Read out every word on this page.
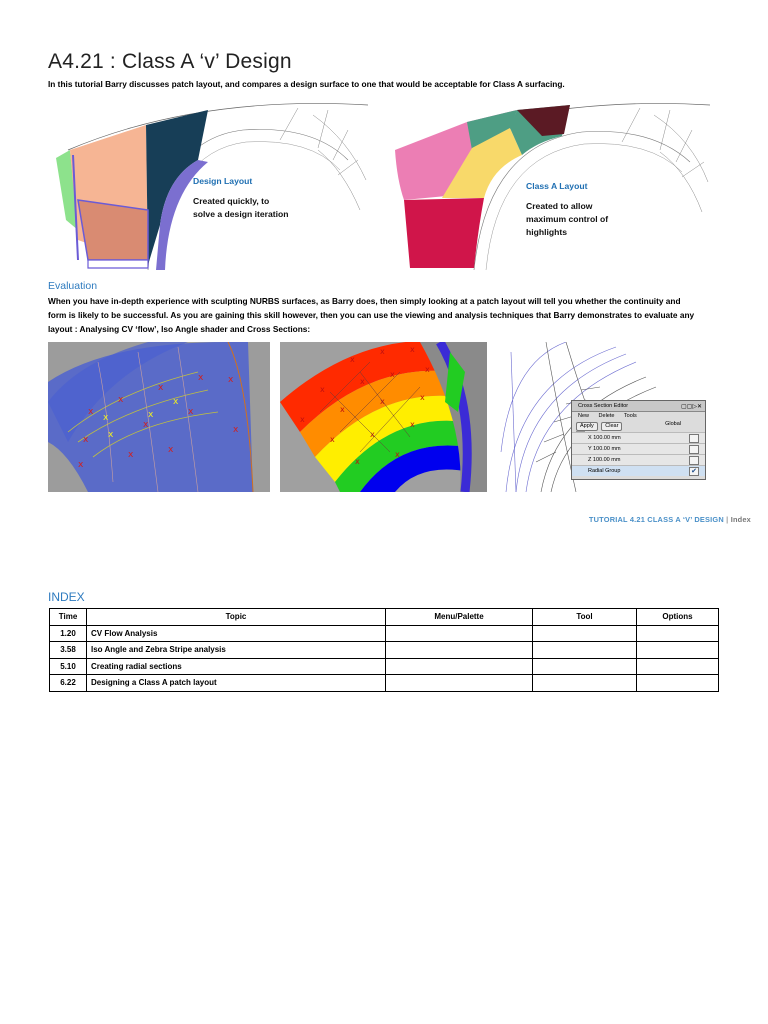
A4.21 : Class A ‘v’ Design
In this tutorial Barry discusses patch layout, and compares a design surface to one that would be acceptable for Class A surfacing.
Design Layout
Created quickly, to
solve a design iteration
Class A Layout
Created to allow
maximum control of
highlights
Evaluation
When you have in-depth experience with sculpting NURBS surfaces, as Barry does, then simply looking at a patch layout will tell you whether the continuity and
form is likely to be successful. As you are gaining this skill however, then you can use the viewing and analysis techniques that Barry demonstrates to evaluate any
layout : Analysing CV ‘flow’, Iso Angle shader and Cross Sections:
x
x
x
x
x
x
x
x
x
x	x
x
x
x
x
x
x
x	x
x
x
x
x
x
x
x	x
x
x
x
x
x
Cross Section Editor	▢▢▷✕
New Delete Tools
Apply Clear	Global
X 100.00 mm
Y 100.00 mm
Z 100.00 mm
Radial Group	✔
TUTORIAL 4.21 CLASS A ‘V’ DESIGN | Index
INDEX
Time	Topic	Menu/Palette	Tool	Options
1.20	CV Flow Analysis			
3.58	Iso Angle and Zebra Stripe analysis			
5.10	Creating radial sections			
6.22	Designing a Class A patch layout			
